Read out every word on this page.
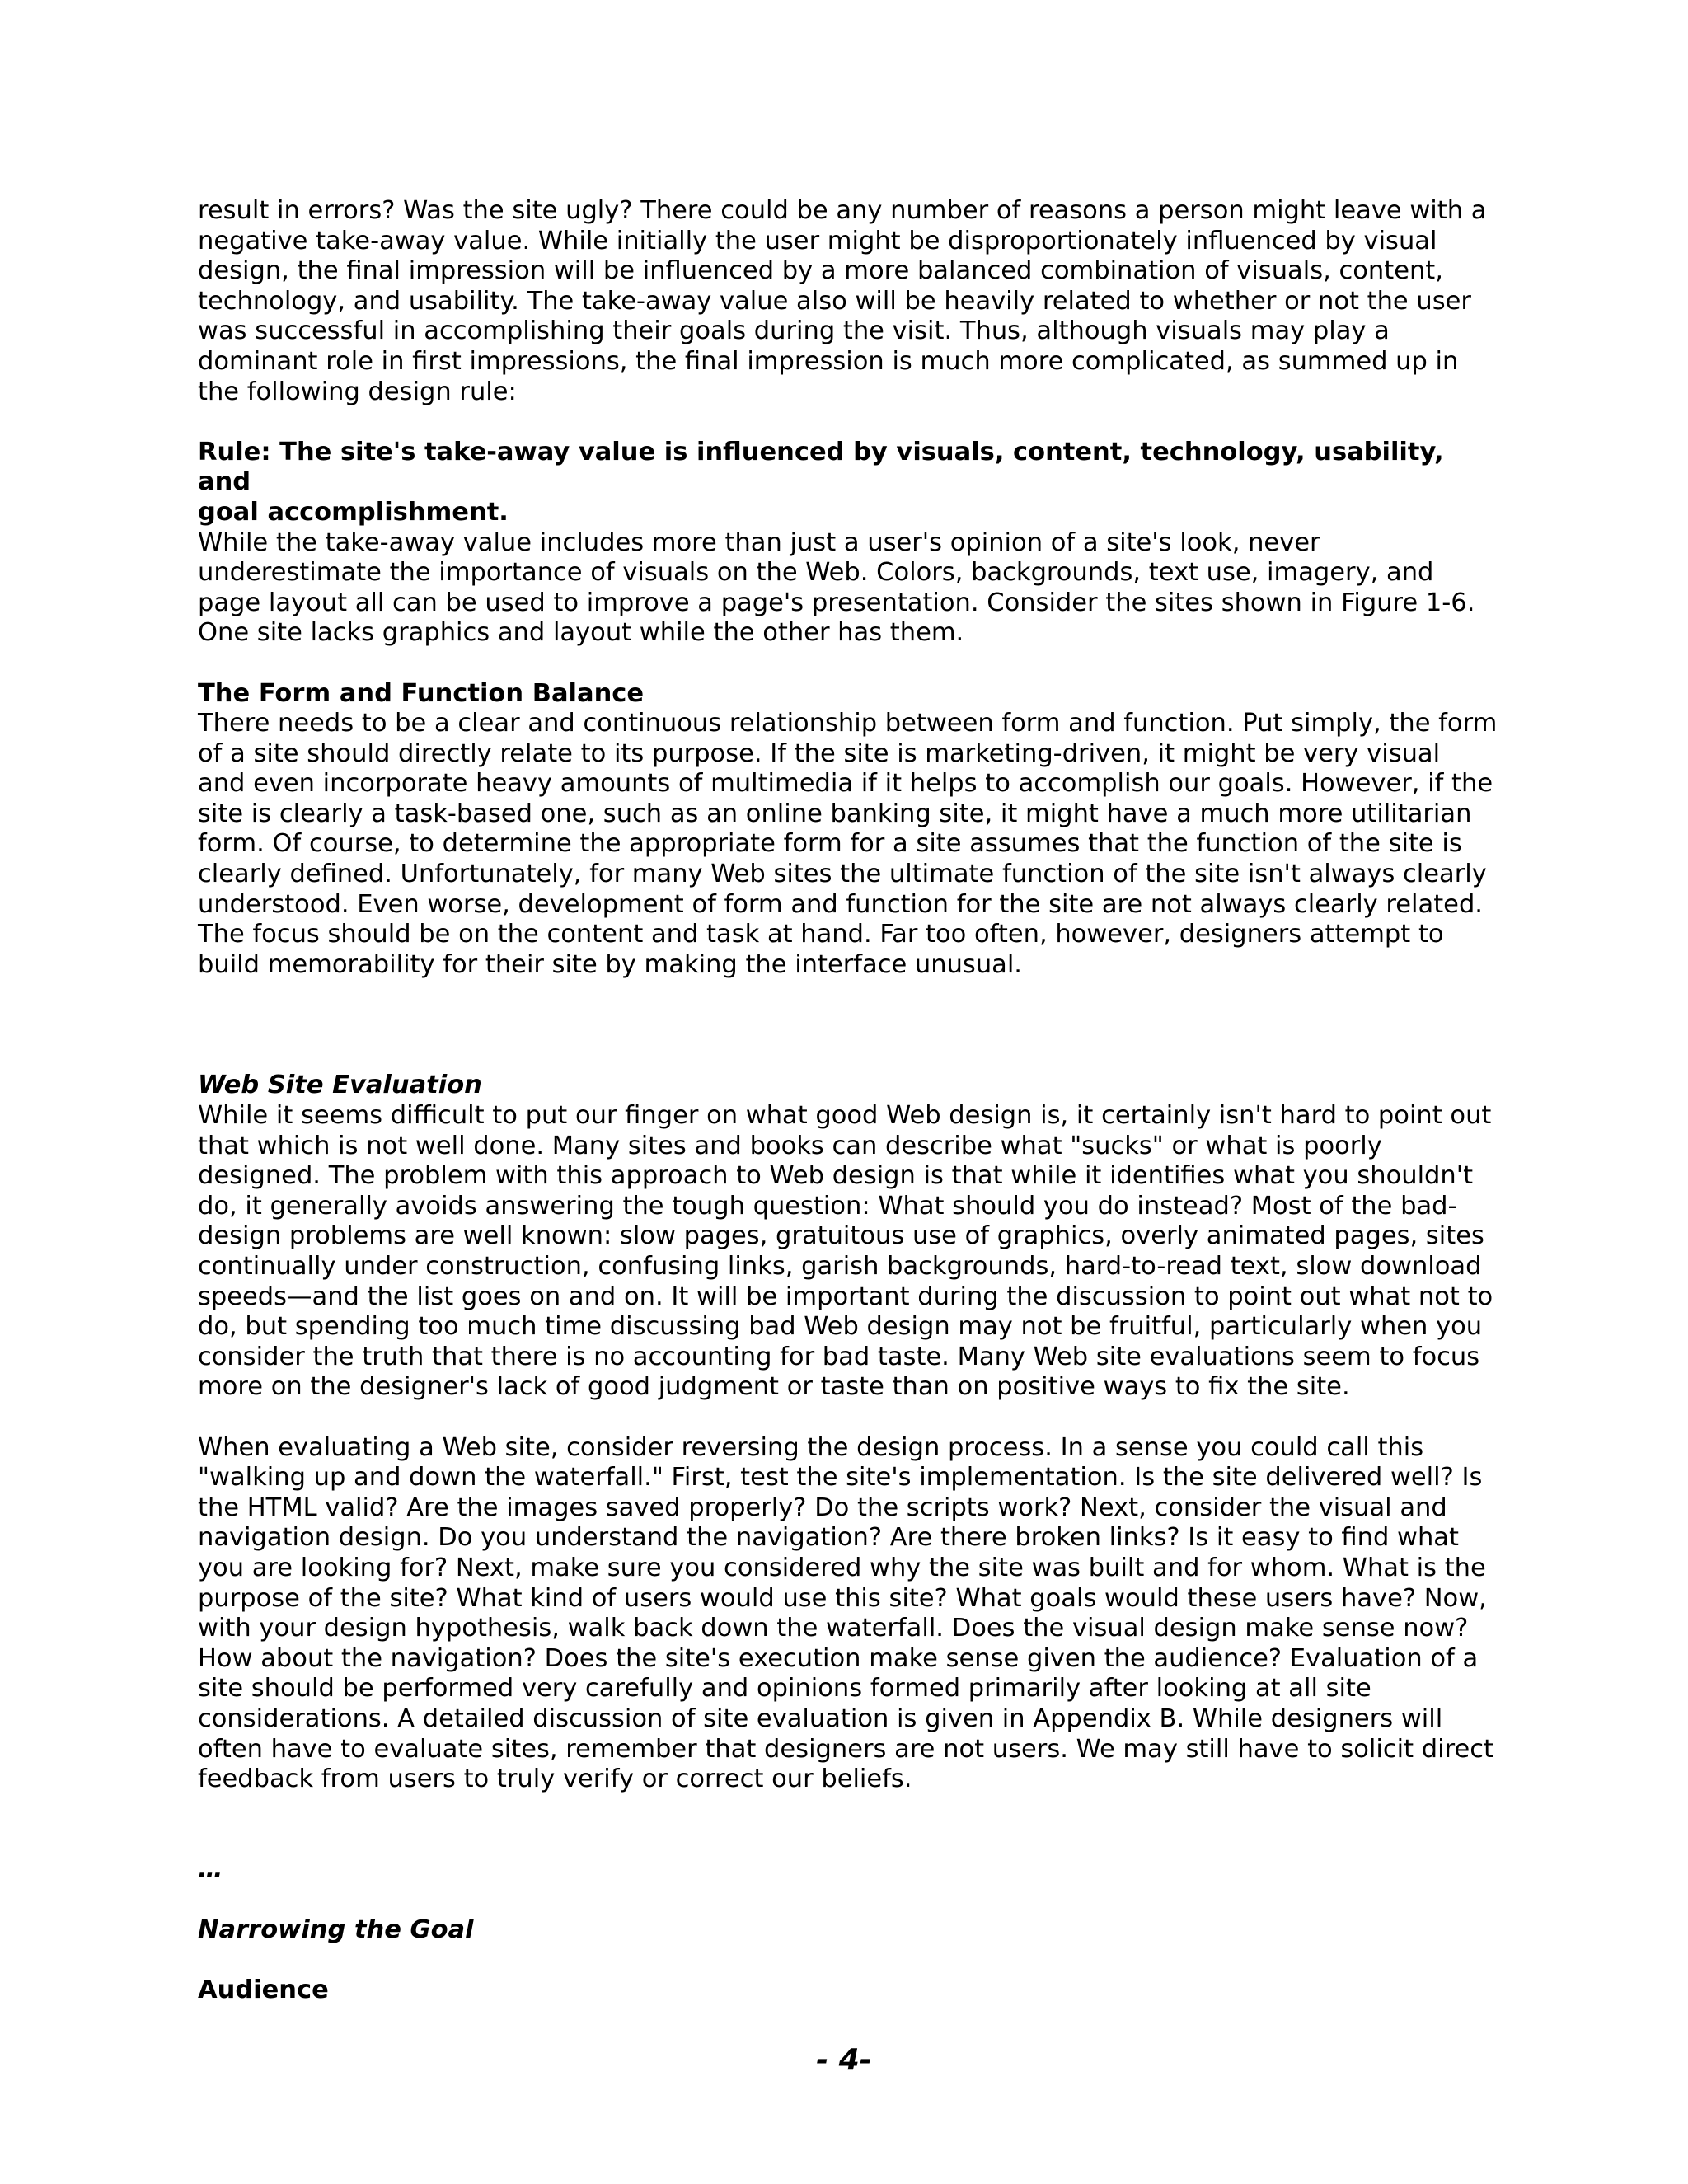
result in errors? Was the site ugly? There could be any number of reasons a person might leave with a
negative take-away value. While initially the user might be disproportionately influenced by visual
design, the final impression will be influenced by a more balanced combination of visuals, content,
technology, and usability. The take-away value also will be heavily related to whether or not the user
was successful in accomplishing their goals during the visit. Thus, although visuals may play a
dominant role in first impressions, the final impression is much more complicated, as summed up in
the following design rule:

Rule: The site's take-away value is influenced by visuals, content, technology, usability, and
goal accomplishment.

While the take-away value includes more than just a user's opinion of a site's look, never
underestimate the importance of visuals on the Web. Colors, backgrounds, text use, imagery, and
page layout all can be used to improve a page's presentation. Consider the sites shown in Figure 1-6.
One site lacks graphics and layout while the other has them.

The Form and Function Balance

There needs to be a clear and continuous relationship between form and function. Put simply, the form
of a site should directly relate to its purpose. If the site is marketing-driven, it might be very visual
and even incorporate heavy amounts of multimedia if it helps to accomplish our goals. However, if the
site is clearly a task-based one, such as an online banking site, it might have a much more utilitarian
form. Of course, to determine the appropriate form for a site assumes that the function of the site is
clearly defined. Unfortunately, for many Web sites the ultimate function of the site isn't always clearly
understood. Even worse, development of form and function for the site are not always clearly related.
The focus should be on the content and task at hand. Far too often, however, designers attempt to
build memorability for their site by making the interface unusual.

Web Site Evaluation

While it seems difficult to put our finger on what good Web design is, it certainly isn't hard to point out
that which is not well done. Many sites and books can describe what "sucks" or what is poorly
designed. The problem with this approach to Web design is that while it identifies what you shouldn't
do, it generally avoids answering the tough question: What should you do instead? Most of the bad-
design problems are well known: slow pages, gratuitous use of graphics, overly animated pages, sites
continually under construction, confusing links, garish backgrounds, hard-to-read text, slow download
speeds—and the list goes on and on. It will be important during the discussion to point out what not to
do, but spending too much time discussing bad Web design may not be fruitful, particularly when you
consider the truth that there is no accounting for bad taste. Many Web site evaluations seem to focus
more on the designer's lack of good judgment or taste than on positive ways to fix the site.

When evaluating a Web site, consider reversing the design process. In a sense you could call this
"walking up and down the waterfall." First, test the site's implementation. Is the site delivered well? Is
the HTML valid? Are the images saved properly? Do the scripts work? Next, consider the visual and
navigation design. Do you understand the navigation? Are there broken links? Is it easy to find what
you are looking for? Next, make sure you considered why the site was built and for whom. What is the
purpose of the site? What kind of users would use this site? What goals would these users have? Now,
with your design hypothesis, walk back down the waterfall. Does the visual design make sense now?
How about the navigation? Does the site's execution make sense given the audience? Evaluation of a
site should be performed very carefully and opinions formed primarily after looking at all site
considerations. A detailed discussion of site evaluation is given in Appendix B. While designers will
often have to evaluate sites, remember that designers are not users. We may still have to solicit direct
feedback from users to truly verify or correct our beliefs.

…

Narrowing the Goal

Audience

- 4-
